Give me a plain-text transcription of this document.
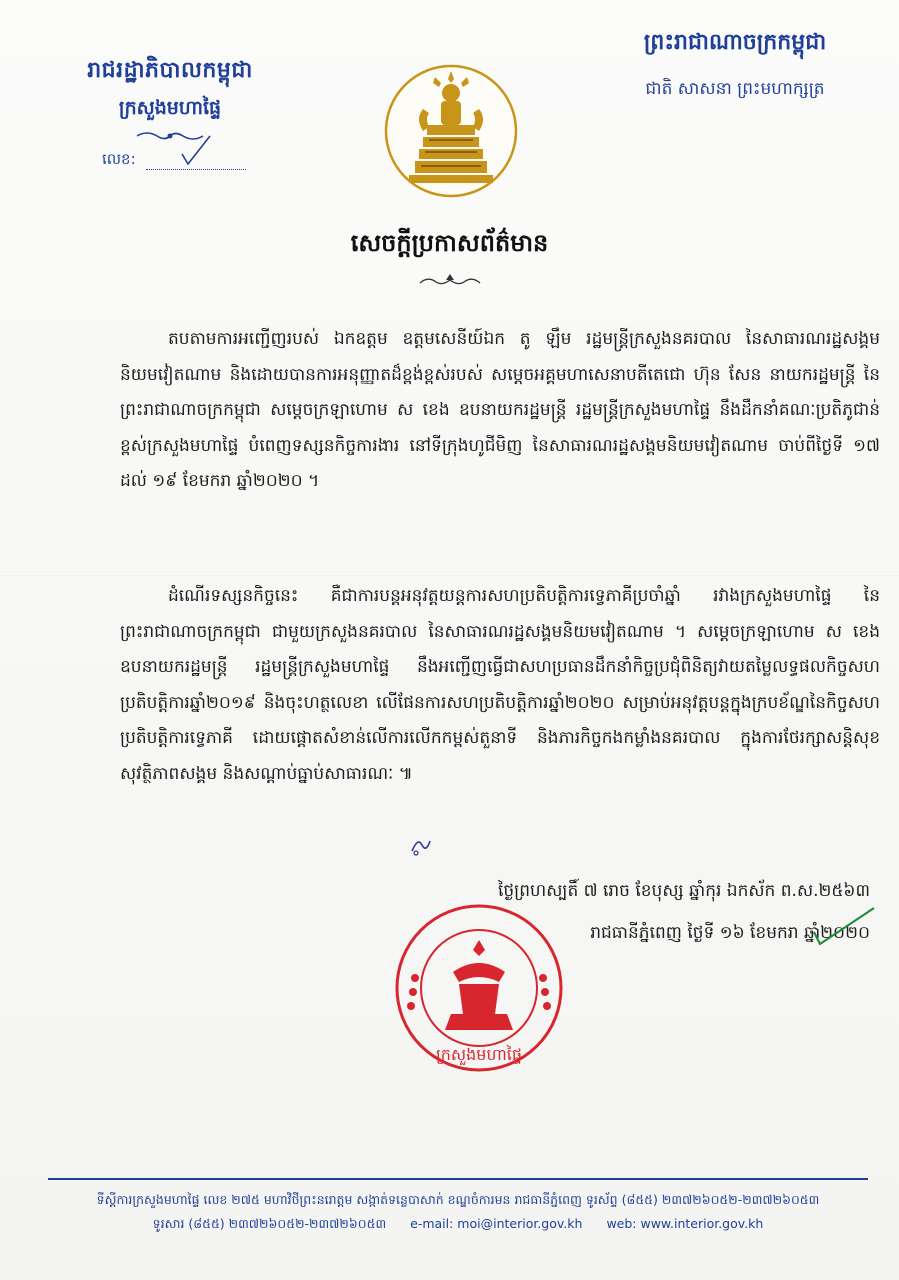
រាជរដ្ឋាភិបាលកម្ពុជា
ក្រសួងមហាផ្ទៃ
លេខ:
ព្រះរាជាណាចក្រកម្ពុជា
ជាតិ សាសនា ព្រះមហាក្សត្រ
សេចក្ដីប្រកាសព័ត៌មាន
តបតាមការអញ្ជើញរបស់ ឯកឧត្តម ឧត្តមសេនីយ៍ឯក តូ ឡឹម រដ្ឋមន្ត្រីក្រសួងនគរបាល នៃសាធារណរដ្ឋសង្គមនិយមវៀតណាម និងដោយបានការអនុញ្ញាតដ៏ខ្ពង់ខ្ពស់របស់ សម្តេចអគ្គមហាសេនាបតីតេជោ ហ៊ុន សែន នាយករដ្ឋមន្ត្រី នៃព្រះរាជាណាចក្រកម្ពុជា សម្តេចក្រឡាហោម ស ខេង ឧបនាយករដ្ឋមន្ត្រី រដ្ឋមន្ត្រីក្រសួងមហាផ្ទៃ នឹងដឹកនាំគណៈប្រតិភូជាន់ខ្ពស់ក្រសួងមហាផ្ទៃ បំពេញទស្សនកិច្ចការងារ នៅទីក្រុងហូជីមិញ នៃសាធារណរដ្ឋសង្គមនិយមវៀតណាម ចាប់ពីថ្ងៃទី ១៧ ដល់ ១៩ ខែមករា ឆ្នាំ២០២០ ។
ដំណើរទស្សនកិច្ចនេះ គឺជាការបន្តអនុវត្តយន្តការសហប្រតិបត្តិការទ្វេភាគីប្រចាំឆ្នាំ រវាងក្រសួងមហាផ្ទៃ នៃព្រះរាជាណាចក្រកម្ពុជា ជាមួយក្រសួងនគរបាល នៃសាធារណរដ្ឋសង្គមនិយមវៀតណាម ។ សម្តេចក្រឡាហោម ស ខេង ឧបនាយករដ្ឋមន្ត្រី រដ្ឋមន្ត្រីក្រសួងមហាផ្ទៃ នឹងអញ្ជើញធ្វើជាសហប្រធានដឹកនាំកិច្ចប្រជុំពិនិត្យវាយតម្លៃលទ្ធផលកិច្ចសហប្រតិបត្តិការឆ្នាំ២០១៩ និងចុះហត្ថលេខា លើផែនការសហប្រតិបត្តិការឆ្នាំ២០២០ សម្រាប់អនុវត្តបន្តក្នុងក្របខ័ណ្ឌនៃកិច្ចសហប្រតិបត្តិការទ្វេភាគី ដោយផ្តោតសំខាន់លើការលើកកម្ពស់តួនាទី និងភារកិច្ចកងកម្លាំងនគរបាល ក្នុងការថែរក្សាសន្តិសុខ សុវត្ថិភាពសង្គម និងសណ្តាប់ធ្នាប់សាធារណៈ ៕
ថ្ងៃព្រហស្បតិ៍ ៧ រោច ខែបុស្ស ឆ្នាំកុរ ឯកស័ក ព.ស.២៥៦៣
រាជធានីភ្នំពេញ ថ្ងៃទី ១៦ ខែមករា ឆ្នាំ២០២០
ក្រសួងមហាផ្ទៃ
ទីស្តីការក្រសួងមហាផ្ទៃ លេខ ២៧៥ មហាវិថីព្រះនរោត្តម សង្កាត់ទន្លេបាសាក់ ខណ្ឌចំការមន រាជធានីភ្នំពេញ ទូរស័ព្ទ (៨៥៥) ២៣៧២៦០៥២-២៣៧២៦០៥៣
ទូរសារ (៨៥៥) ២៣៧២៦០៥២-២៣៧២៦០៥៣ e-mail: moi@interior.gov.kh web: www.interior.gov.kh
